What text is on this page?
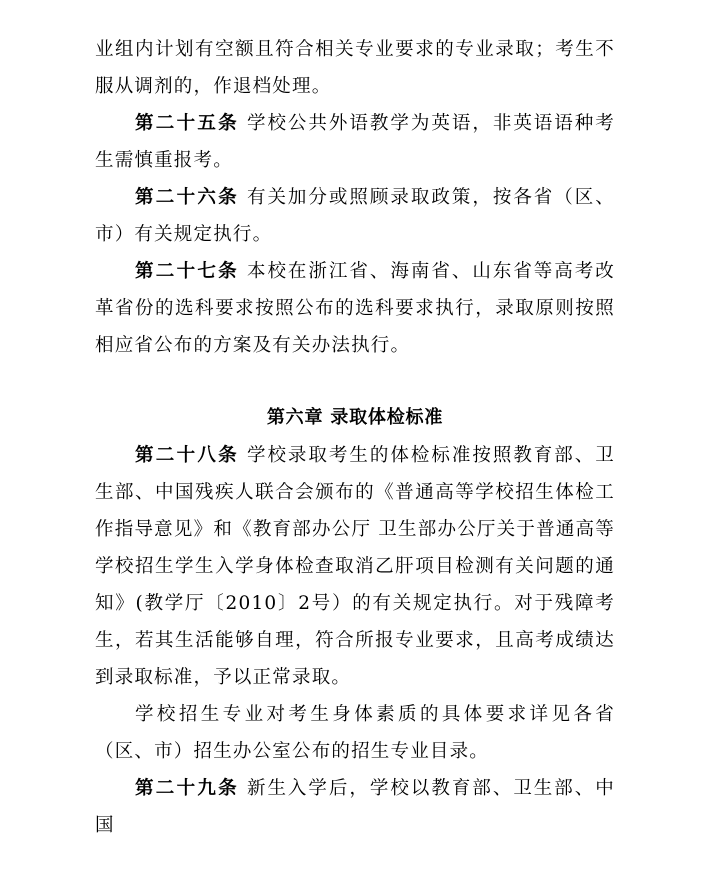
业组内计划有空额且符合相关专业要求的专业录取；考生不服从调剂的，作退档处理。

第二十五条 学校公共外语教学为英语，非英语语种考生需慎重报考。

第二十六条 有关加分或照顾录取政策，按各省（区、市）有关规定执行。

第二十七条 本校在浙江省、海南省、山东省等高考改革省份的选科要求按照公布的选科要求执行，录取原则按照相应省公布的方案及有关办法执行。

第六章 录取体检标准

第二十八条 学校录取考生的体检标准按照教育部、卫生部、中国残疾人联合会颁布的《普通高等学校招生体检工作指导意见》和《教育部办公厅 卫生部办公厅关于普通高等学校招生学生入学身体检查取消乙肝项目检测有关问题的通知》(教学厅〔2010〕2号）的有关规定执行。对于残障考生，若其生活能够自理，符合所报专业要求，且高考成绩达到录取标准，予以正常录取。

学校招生专业对考生身体素质的具体要求详见各省（区、市）招生办公室公布的招生专业目录。

第二十九条 新生入学后，学校以教育部、卫生部、中国
